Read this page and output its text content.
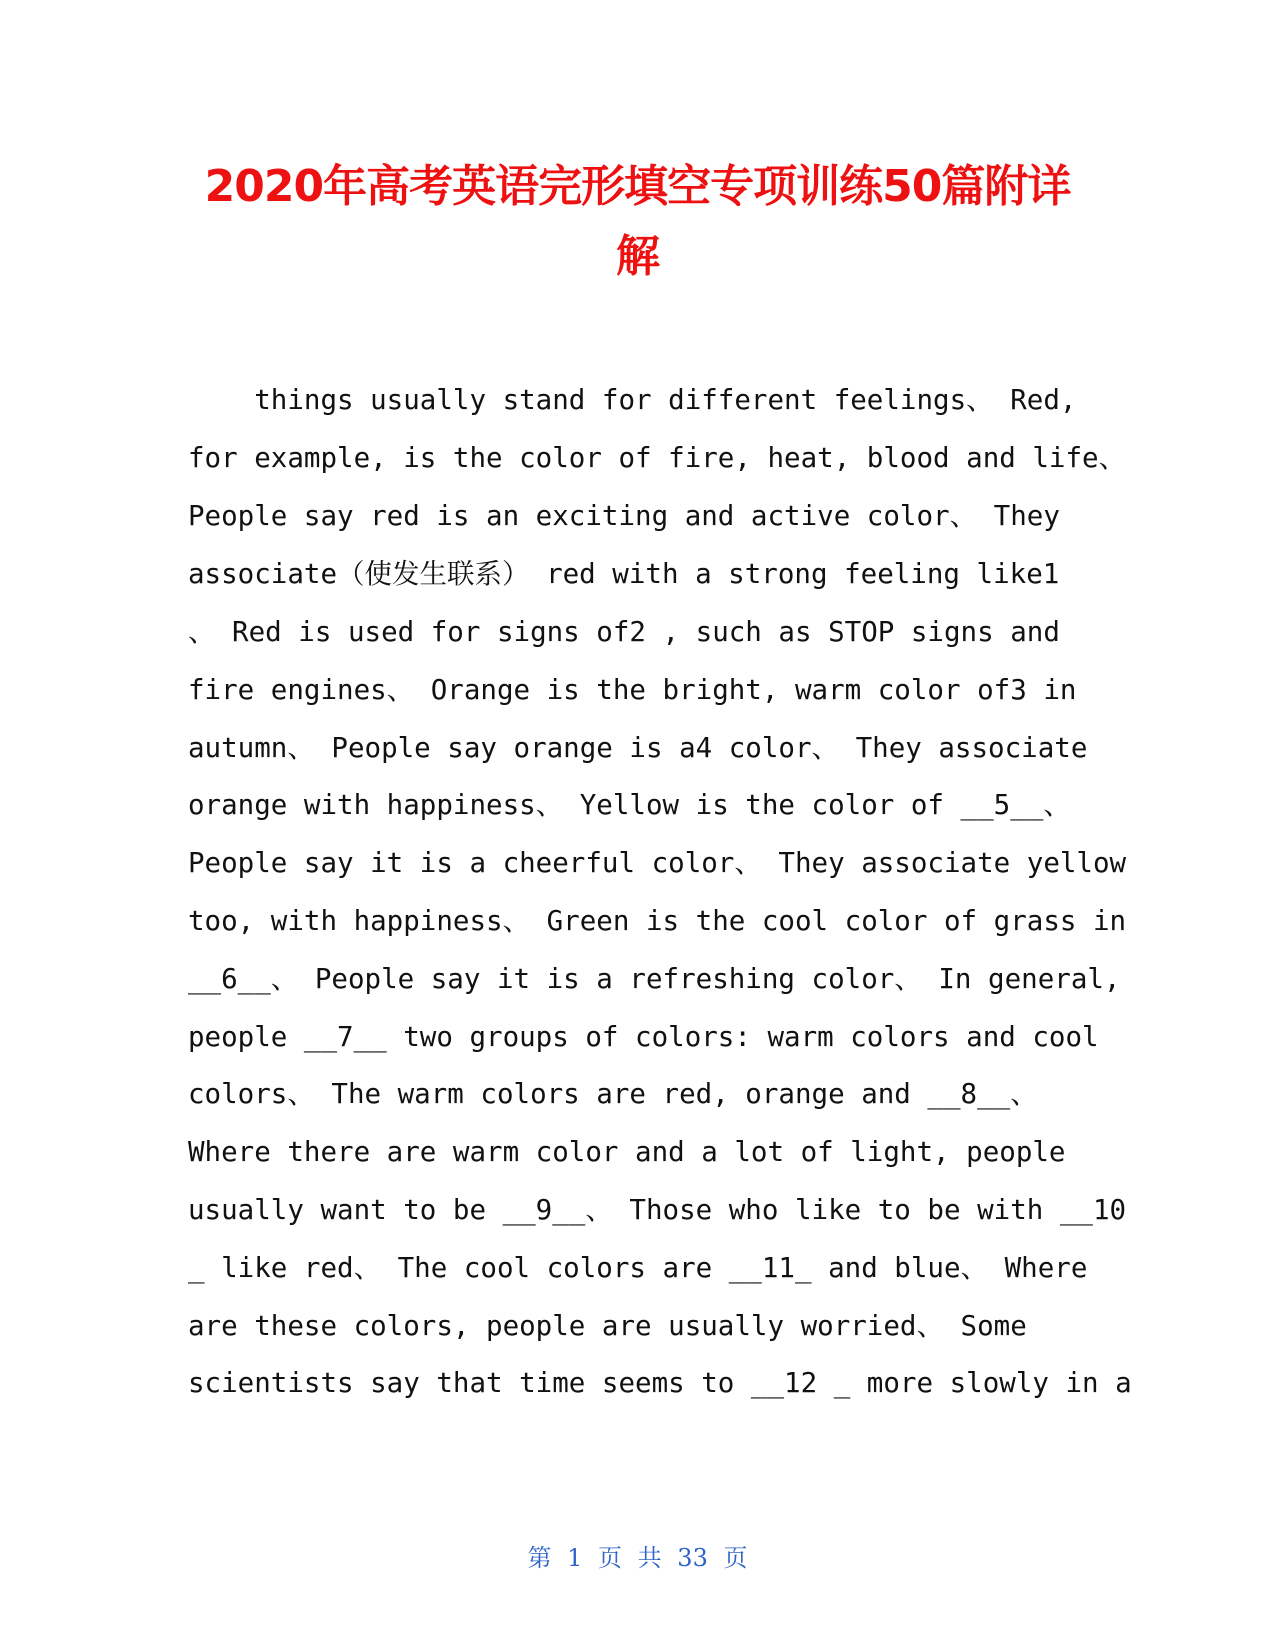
2020年高考英语完形填空专项训练50篇附详
解
things usually stand for different feelings、 Red,
for example, is the color of fire, heat, blood and life、
People say red is an exciting and active color、 They
associate（使发生联系） red with a strong feeling like1
、 Red is used for signs of2 , such as STOP signs and
fire engines、 Orange is the bright, warm color of3 in
autumn、 People say orange is a4 color、 They associate
orange with happiness、 Yellow is the color of __5__、
People say it is a cheerful color、 They associate yellow
too, with happiness、 Green is the cool color of grass in
__6__、 People say it is a refreshing color、 In general,
people __7__ two groups of colors: warm colors and cool
colors、 The warm colors are red, orange and __8__、
Where there are warm color and a lot of light, people
usually want to be __9__、 Those who like to be with __10
_ like red、 The cool colors are __11_ and blue、 Where
are these colors, people are usually worried、 Some
scientists say that time seems to __12 _ more slowly in a
第 1 页 共 33 页
